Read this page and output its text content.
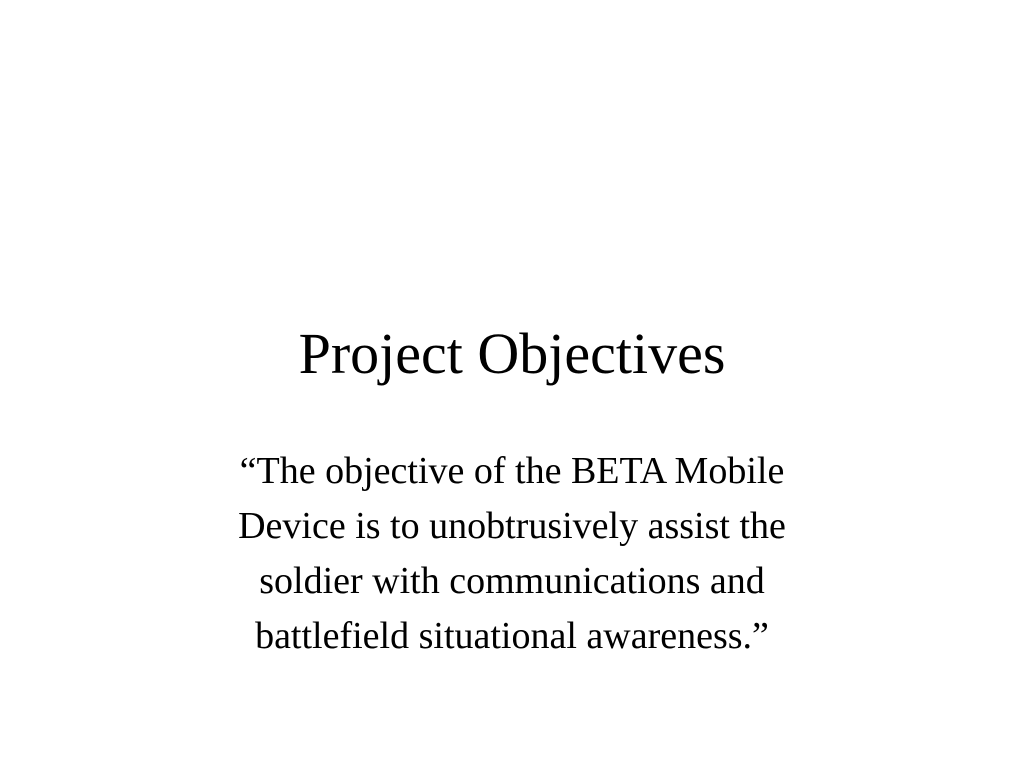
Project Objectives

“The objective of the BETA Mobile
Device is to unobtrusively assist the
soldier with communications and
battlefield situational awareness.”
